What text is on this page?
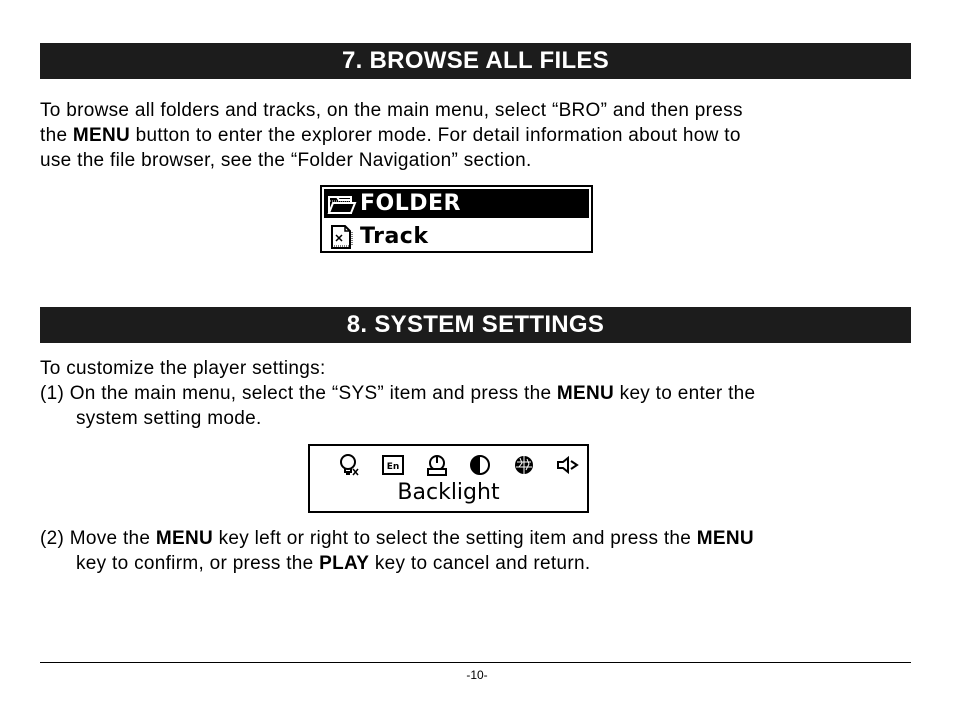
7. BROWSE ALL FILES
To browse all folders and tracks, on the main menu, select “BRO” and then press
the MENU button to enter the explorer mode. For detail information about how to
use the file browser, see the “Folder Navigation” section.
FOLDER
Track
8. SYSTEM SETTINGS
To customize the player settings:
(1) On the main menu, select the “SYS” item and press the MENU key to enter the
system setting mode.
En
Backlight
(2) Move the MENU key left or right to select the setting item and press the MENU
key to confirm, or press the PLAY key to cancel and return.
-10-
